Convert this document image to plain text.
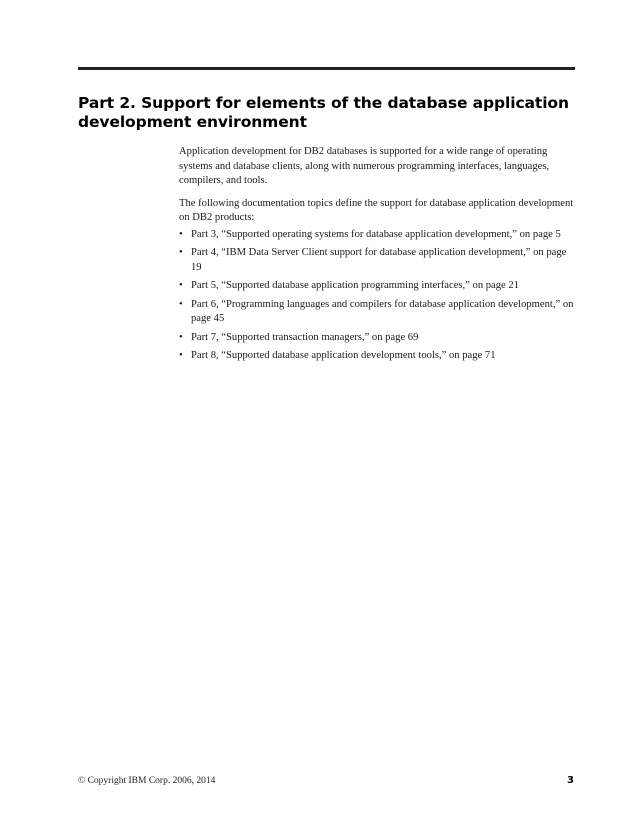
Part 2. Support for elements of the database application development environment

Application development for DB2 databases is supported for a wide range of operating systems and database clients, along with numerous programming interfaces, languages, compilers, and tools.

The following documentation topics define the support for database application development on DB2 products:

• Part 3, “Supported operating systems for database application development,” on page 5
• Part 4, “IBM Data Server Client support for database application development,” on page 19
• Part 5, “Supported database application programming interfaces,” on page 21
• Part 6, “Programming languages and compilers for database application development,” on page 45
• Part 7, “Supported transaction managers,” on page 69
• Part 8, “Supported database application development tools,” on page 71
© Copyright IBM Corp. 2006, 2014	3
